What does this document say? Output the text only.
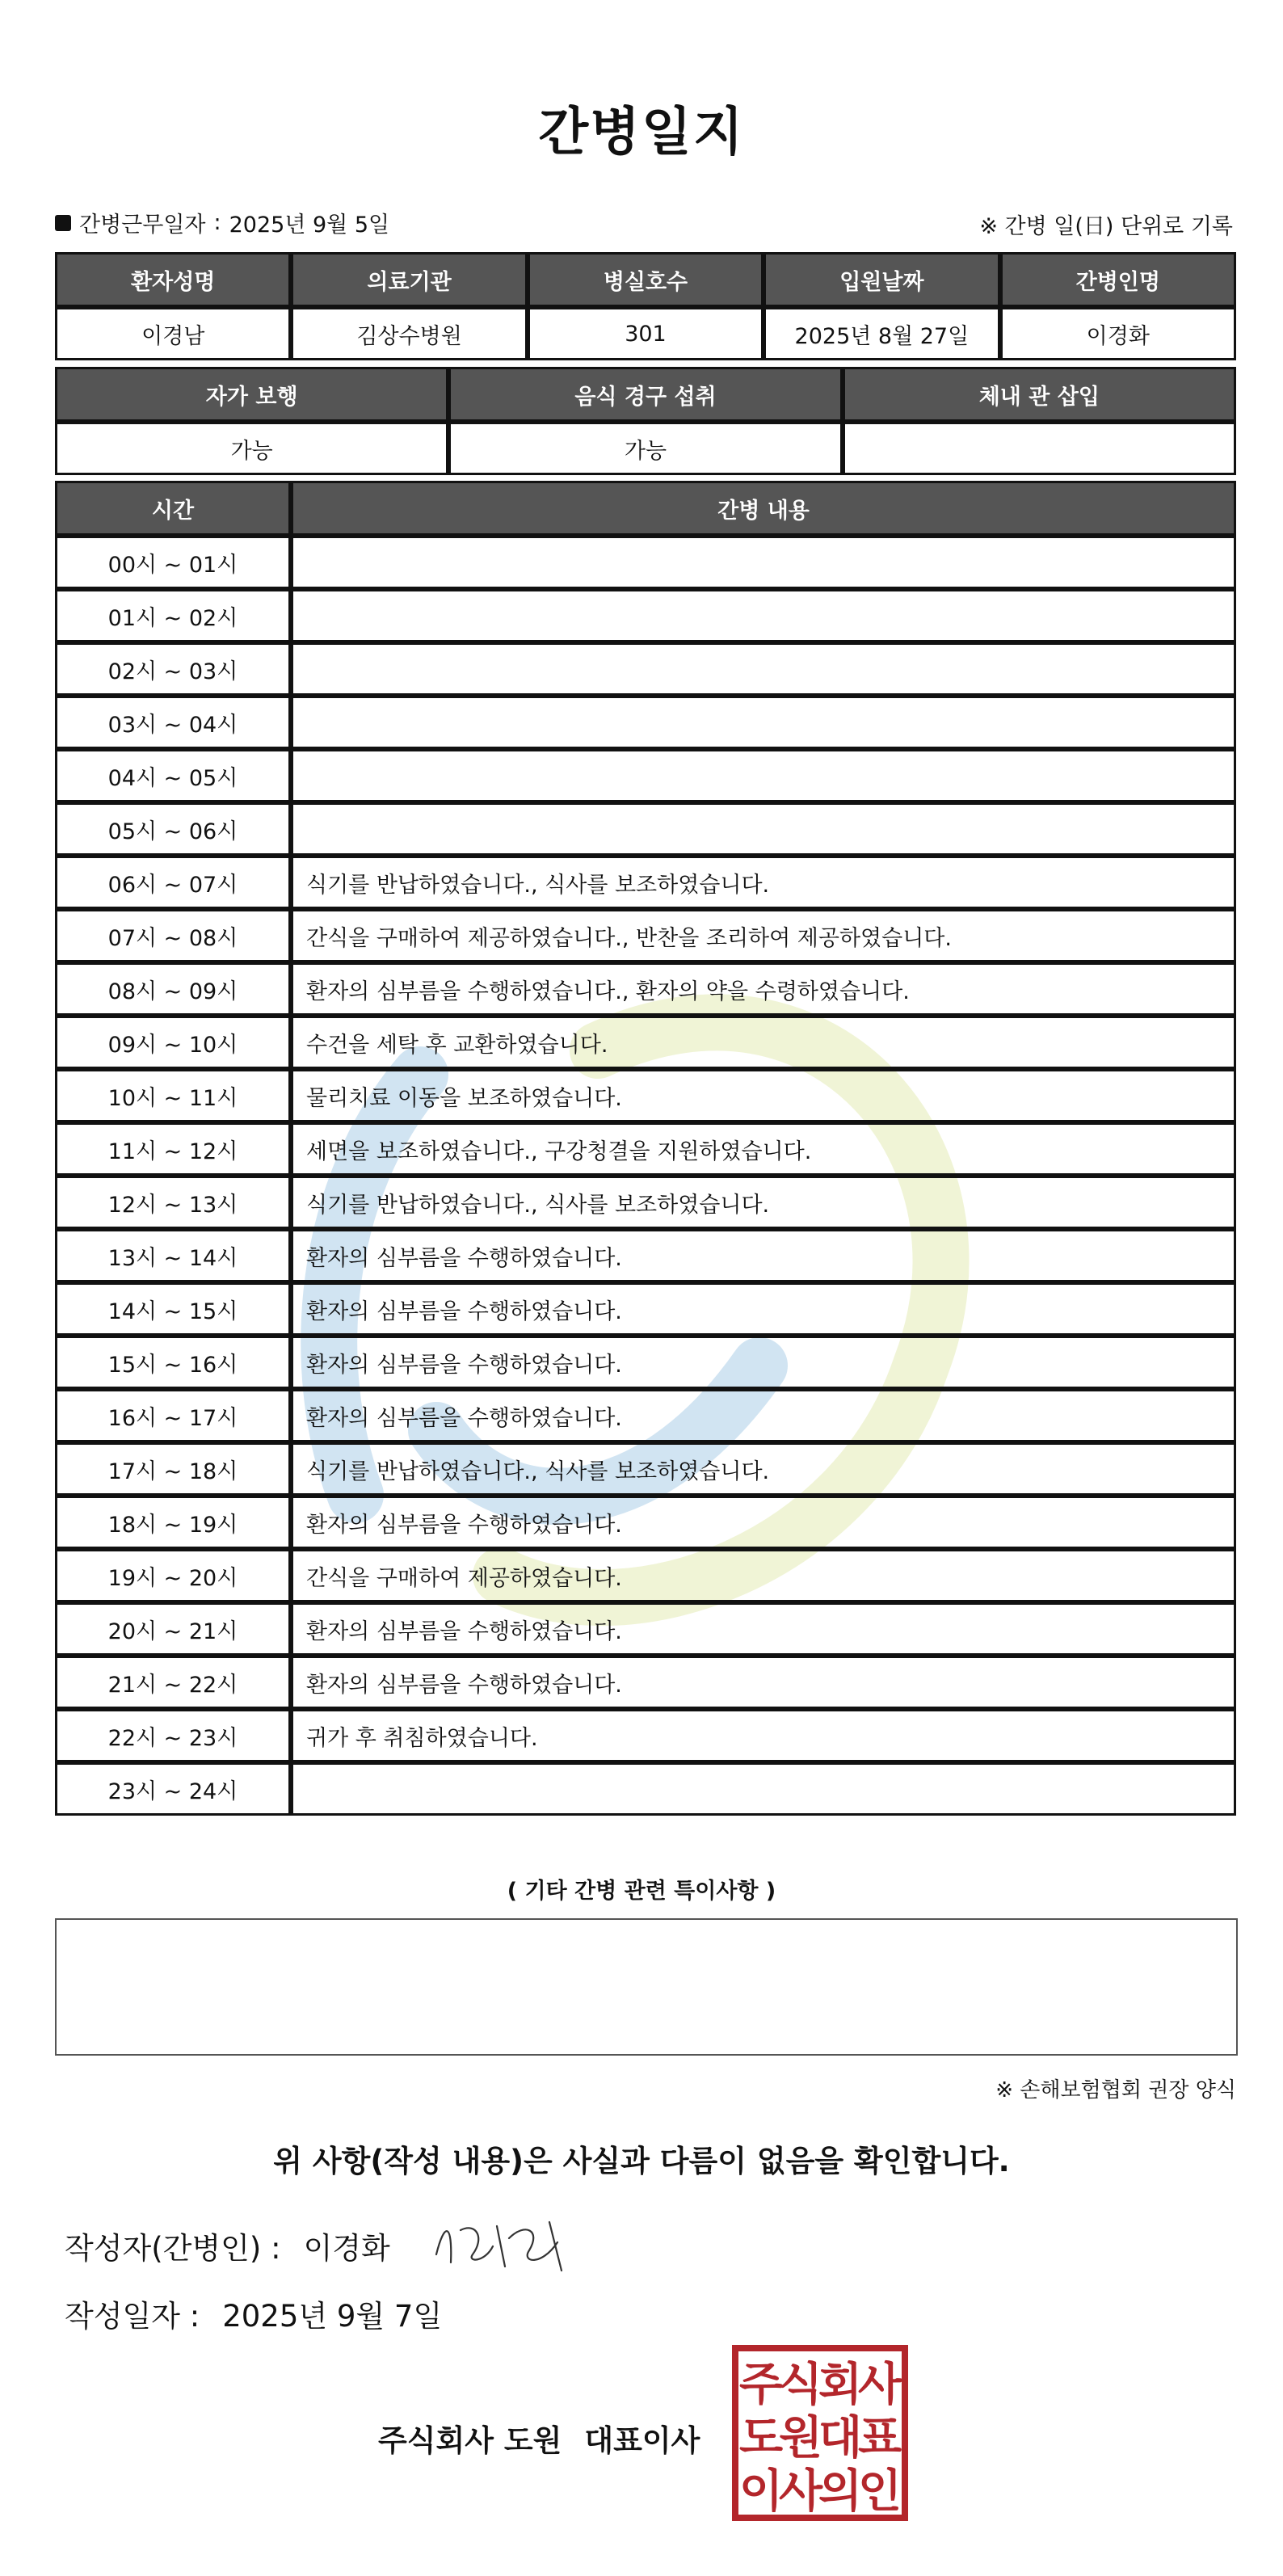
간병일지
간병근무일자 : 2025년 9월 5일	※ 간병 일(日) 단위로 기록
환자성명	의료기관	병실호수	입원날짜	간병인명
이경남	김상수병원	301	2025년 8월 27일	이경화
자가 보행	음식 경구 섭취	체내 관 삽입
가능	가능	
시간	간병 내용
00시 ~ 01시	
01시 ~ 02시	
02시 ~ 03시	
03시 ~ 04시	
04시 ~ 05시	
05시 ~ 06시	
06시 ~ 07시	식기를 반납하였습니다., 식사를 보조하였습니다.
07시 ~ 08시	간식을 구매하여 제공하였습니다., 반찬을 조리하여 제공하였습니다.
08시 ~ 09시	환자의 심부름을 수행하였습니다., 환자의 약을 수령하였습니다.
09시 ~ 10시	수건을 세탁 후 교환하였습니다.
10시 ~ 11시	물리치료 이동을 보조하였습니다.
11시 ~ 12시	세면을 보조하였습니다., 구강청결을 지원하였습니다.
12시 ~ 13시	식기를 반납하였습니다., 식사를 보조하였습니다.
13시 ~ 14시	환자의 심부름을 수행하였습니다.
14시 ~ 15시	환자의 심부름을 수행하였습니다.
15시 ~ 16시	환자의 심부름을 수행하였습니다.
16시 ~ 17시	환자의 심부름을 수행하였습니다.
17시 ~ 18시	식기를 반납하였습니다., 식사를 보조하였습니다.
18시 ~ 19시	환자의 심부름을 수행하였습니다.
19시 ~ 20시	간식을 구매하여 제공하였습니다.
20시 ~ 21시	환자의 심부름을 수행하였습니다.
21시 ~ 22시	환자의 심부름을 수행하였습니다.
22시 ~ 23시	귀가 후 취침하였습니다.
23시 ~ 24시	
( 기타 간병 관련 특이사항 )
※ 손해보험협회 권장 양식
위 사항(작성 내용)은 사실과 다름이 없음을 확인합니다.
작성자(간병인) : 이경화
작성일자 : 2025년 9월 7일
주식회사 도원 대표이사
주
식
회
사
도
원
대
표
이
사
의
인
